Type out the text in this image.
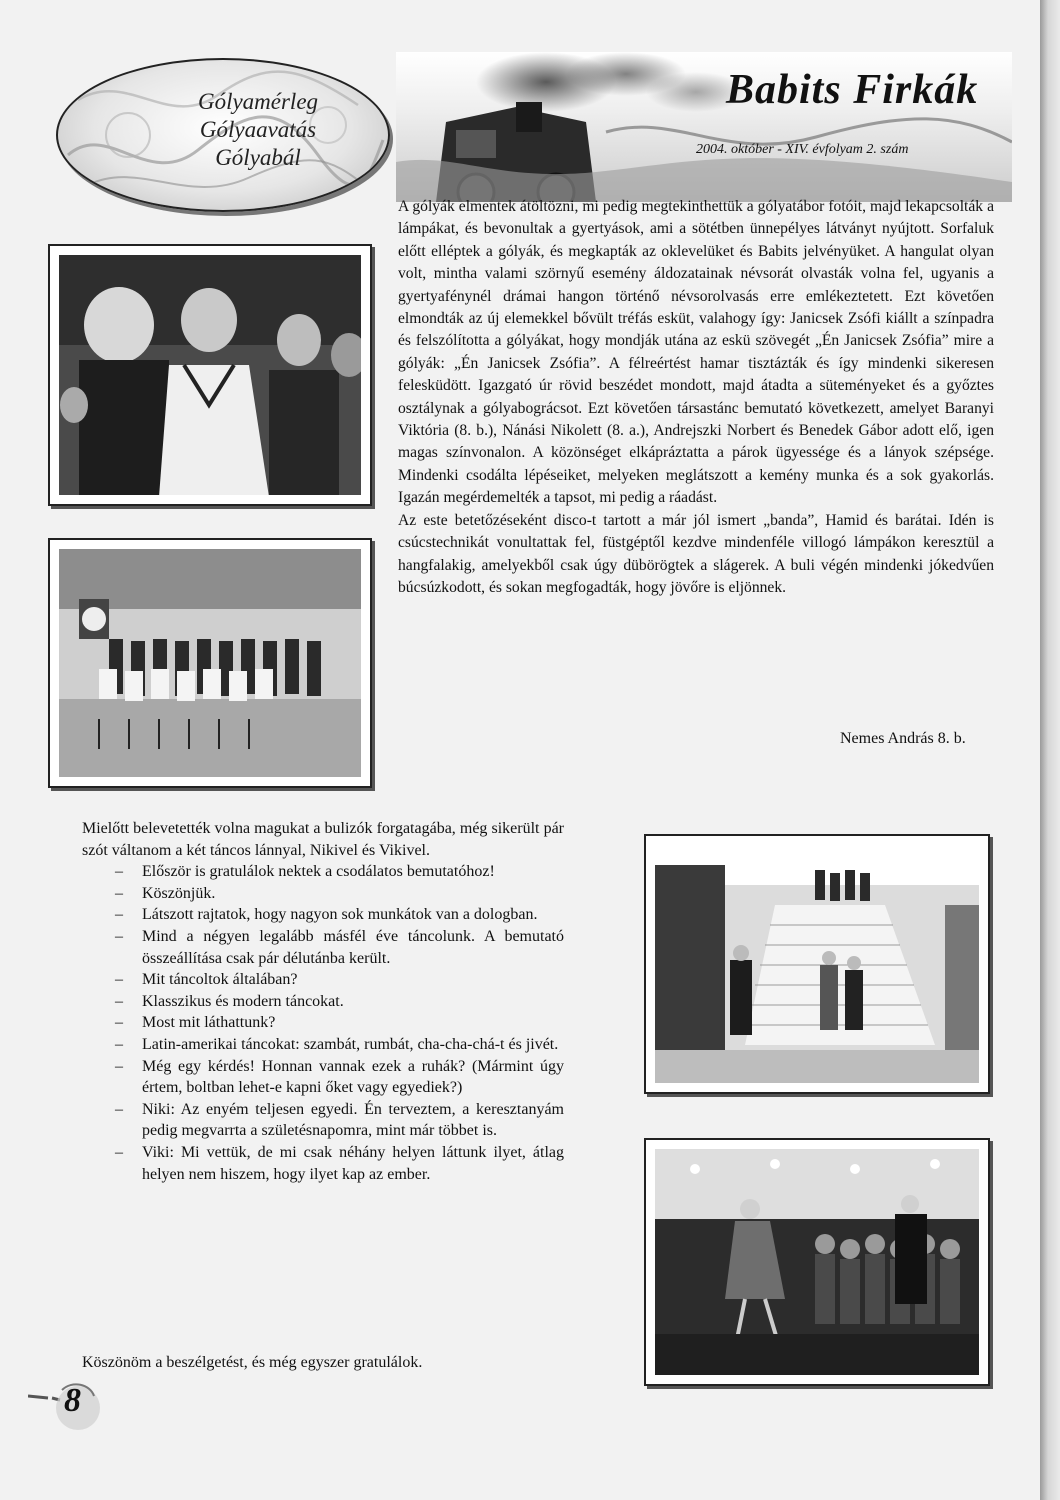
Gólyamérleg
Gólyaavatás
Gólyabál
Babits Firkák
2004. október - XIV. évfolyam 2. szám

A gólyák elmentek átöltözni, mi pedig megtekinthettük a gólyatábor fotóit, majd lekapcsolták a lámpákat, és bevonultak a gyertyások, ami a sötétben ünnepélyes látványt nyújtott. Sorfaluk előtt elléptek a gólyák, és megkapták az oklevelüket és Babits jelvényüket. A hangulat olyan volt, mintha valami szörnyű esemény áldozatainak névsorát olvasták volna fel, ugyanis a gyertyafénynél drámai hangon történő névsorolvasás erre emlékeztetett. Ezt követően elmondták az új elemekkel bővült tréfás esküt, valahogy így: Janicsek Zsófi kiállt a színpadra és felszólította a gólyákat, hogy mondják utána az eskü szövegét „Én Janicsek Zsófia” mire a gólyák: „Én Janicsek Zsófia”. A félreértést hamar tisztázták és így mindenki sikeresen felesküdött. Igazgató úr rövid beszédet mondott, majd átadta a süteményeket és a győztes osztálynak a gólyabográcsot. Ezt követően társastánc bemutató következett, amelyet Baranyi Viktória (8. b.), Nánási Nikolett (8. a.), Andrejszki Norbert és Benedek Gábor adott elő, igen magas színvonalon. A közönséget elkápráztatta a párok ügyessége és a lányok szépsége. Mindenki csodálta lépéseiket, melyeken meglátszott a kemény munka és a sok gyakorlás. Igazán megérdemelték a tapsot, mi pedig a ráadást.

Az este betetőzéseként disco-t tartott a már jól ismert „banda”, Hamid és barátai. Idén is csúcstechnikát vonultattak fel, füstgéptől kezdve mindenféle villogó lámpákon keresztül a hangfalakig, amelyekből csak úgy dübörögtek a slágerek. A buli végén mindenki jókedvűen búcsúzkodott, és sokan megfogadták, hogy jövőre is eljönnek.

Nemes András 8. b.

Mielőtt belevetették volna magukat a bulizók forgatagába, még sikerült pár szót váltanom a két táncos lánnyal, Nikivel és Vikivel.

– Először is gratulálok nektek a csodálatos bemutatóhoz!
– Köszönjük.
– Látszott rajtatok, hogy nagyon sok munkátok van a dologban.
– Mind a négyen legalább másfél éve táncolunk. A bemutató összeállítása csak pár délutánba került.
– Mit táncoltok általában?
– Klasszikus és modern táncokat.
– Most mit láthattunk?
– Latin-amerikai táncokat: szambát, rumbát, cha-cha-chá-t és jivét.
– Még egy kérdés! Honnan vannak ezek a ruhák? (Mármint úgy értem, boltban lehet-e kapni őket vagy egyediek?)
– Niki: Az enyém teljesen egyedi. Én terveztem, a keresztanyám pedig megvarrta a születésnapomra, mint már többet is.
– Viki: Mi vettük, de mi csak néhány helyen láttunk ilyet, átlag helyen nem hiszem, hogy ilyet kap az ember.
Köszönöm a beszélgetést, és még egyszer gratulálok.
8
